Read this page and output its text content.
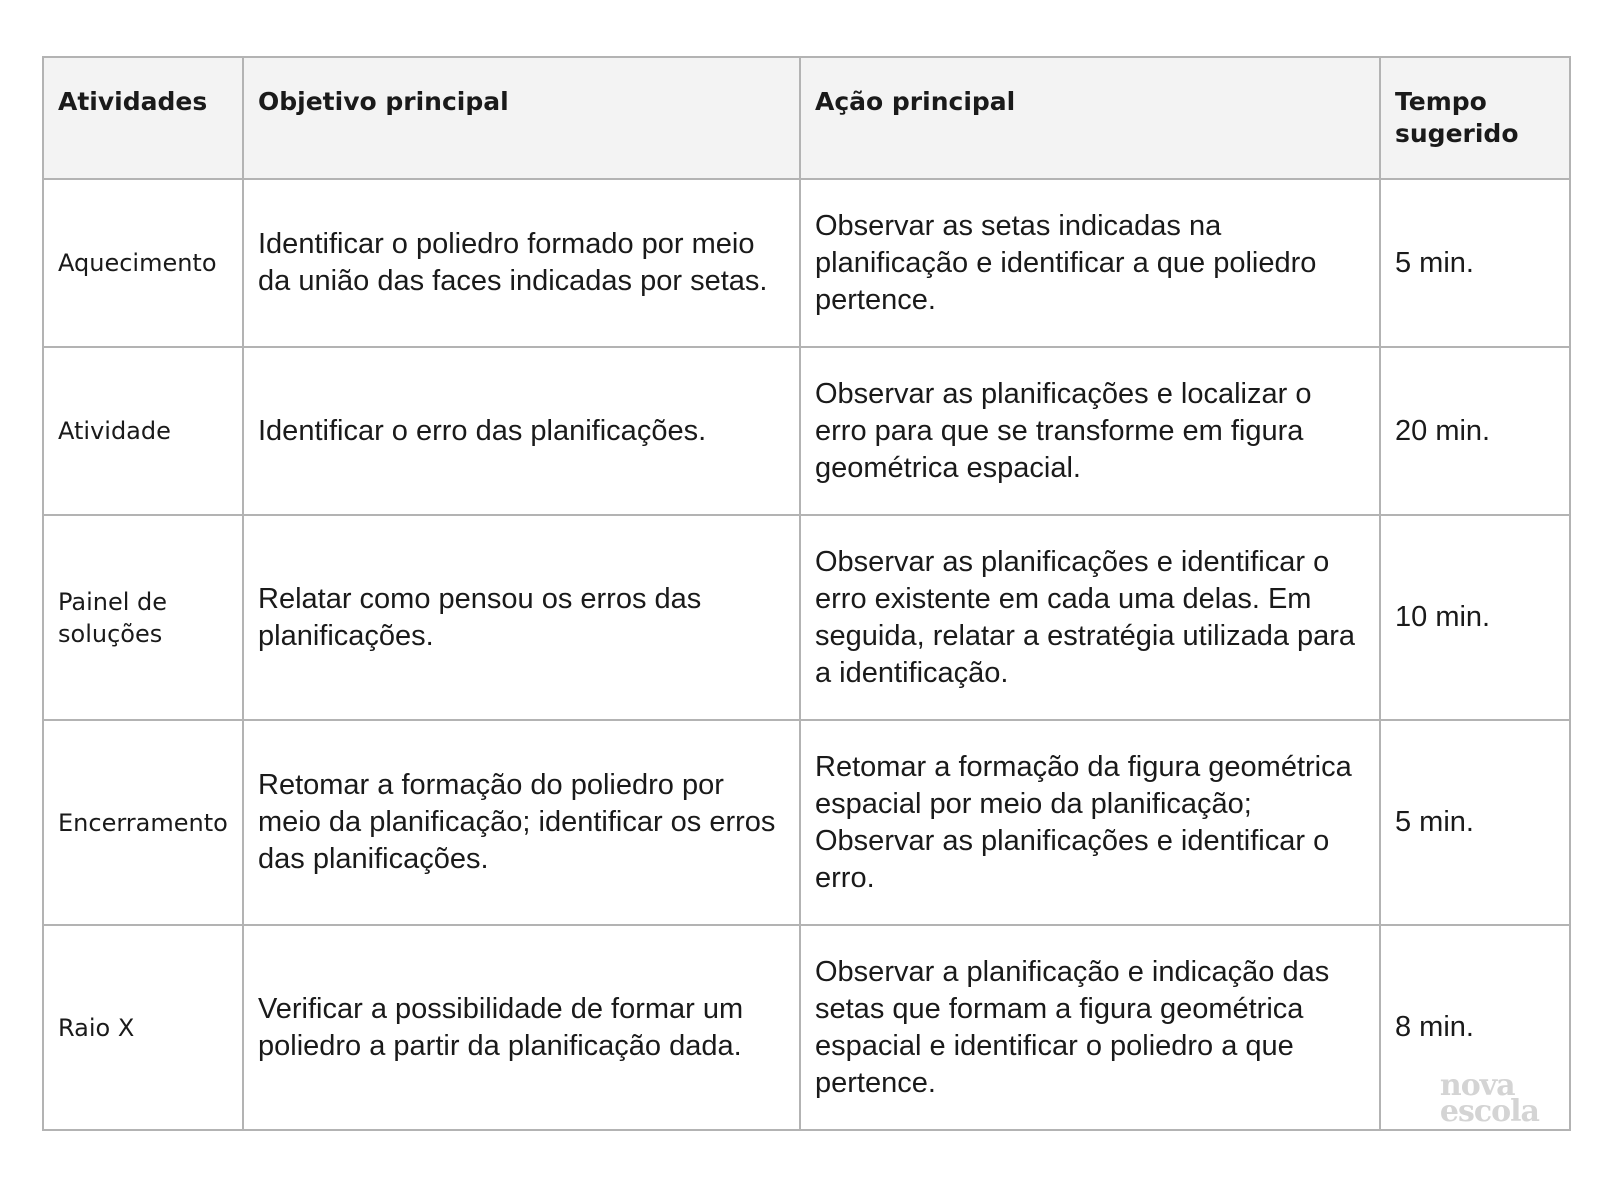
Atividades	Objetivo principal	Ação principal	Tempo sugerido
Aquecimento	Identificar o poliedro formado por meio da união das faces indicadas por setas.	Observar as setas indicadas na planificação e identificar a que poliedro pertence.	5 min.
Atividade	Identificar o erro das planificações.	Observar as planificações e localizar o erro para que se transforme em figura geométrica espacial.	20 min.
Painel de soluções	Relatar como pensou os erros das planificações.	Observar as planificações e identificar o erro existente em cada uma delas. Em seguida, relatar a estratégia utilizada para a identificação.	10 min.
Encerramento	Retomar a formação do poliedro por meio da planificação; identificar os erros das planificações.	Retomar a formação da figura geométrica espacial por meio da planificação; Observar as planificações e identificar o erro.	5 min.
Raio X	Verificar a possibilidade de formar um poliedro a partir da planificação dada.	Observar a planificação e indicação das setas que formam a figura geométrica espacial e identificar o poliedro a que pertence.	8 min.
nova
escola
